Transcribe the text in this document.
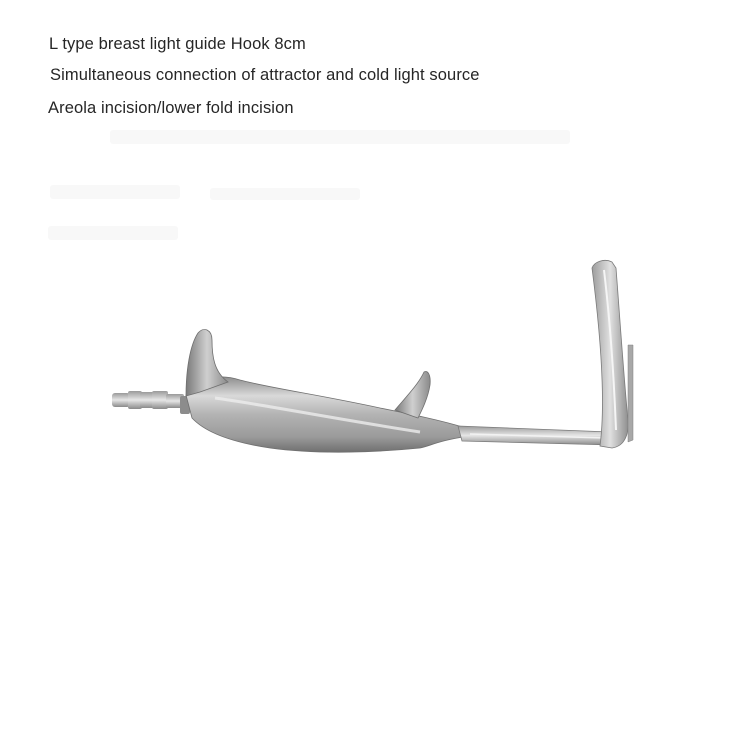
L type breast light guide Hook 8cm

Simultaneous connection of attractor and cold light source

Areola incision/lower fold incision
